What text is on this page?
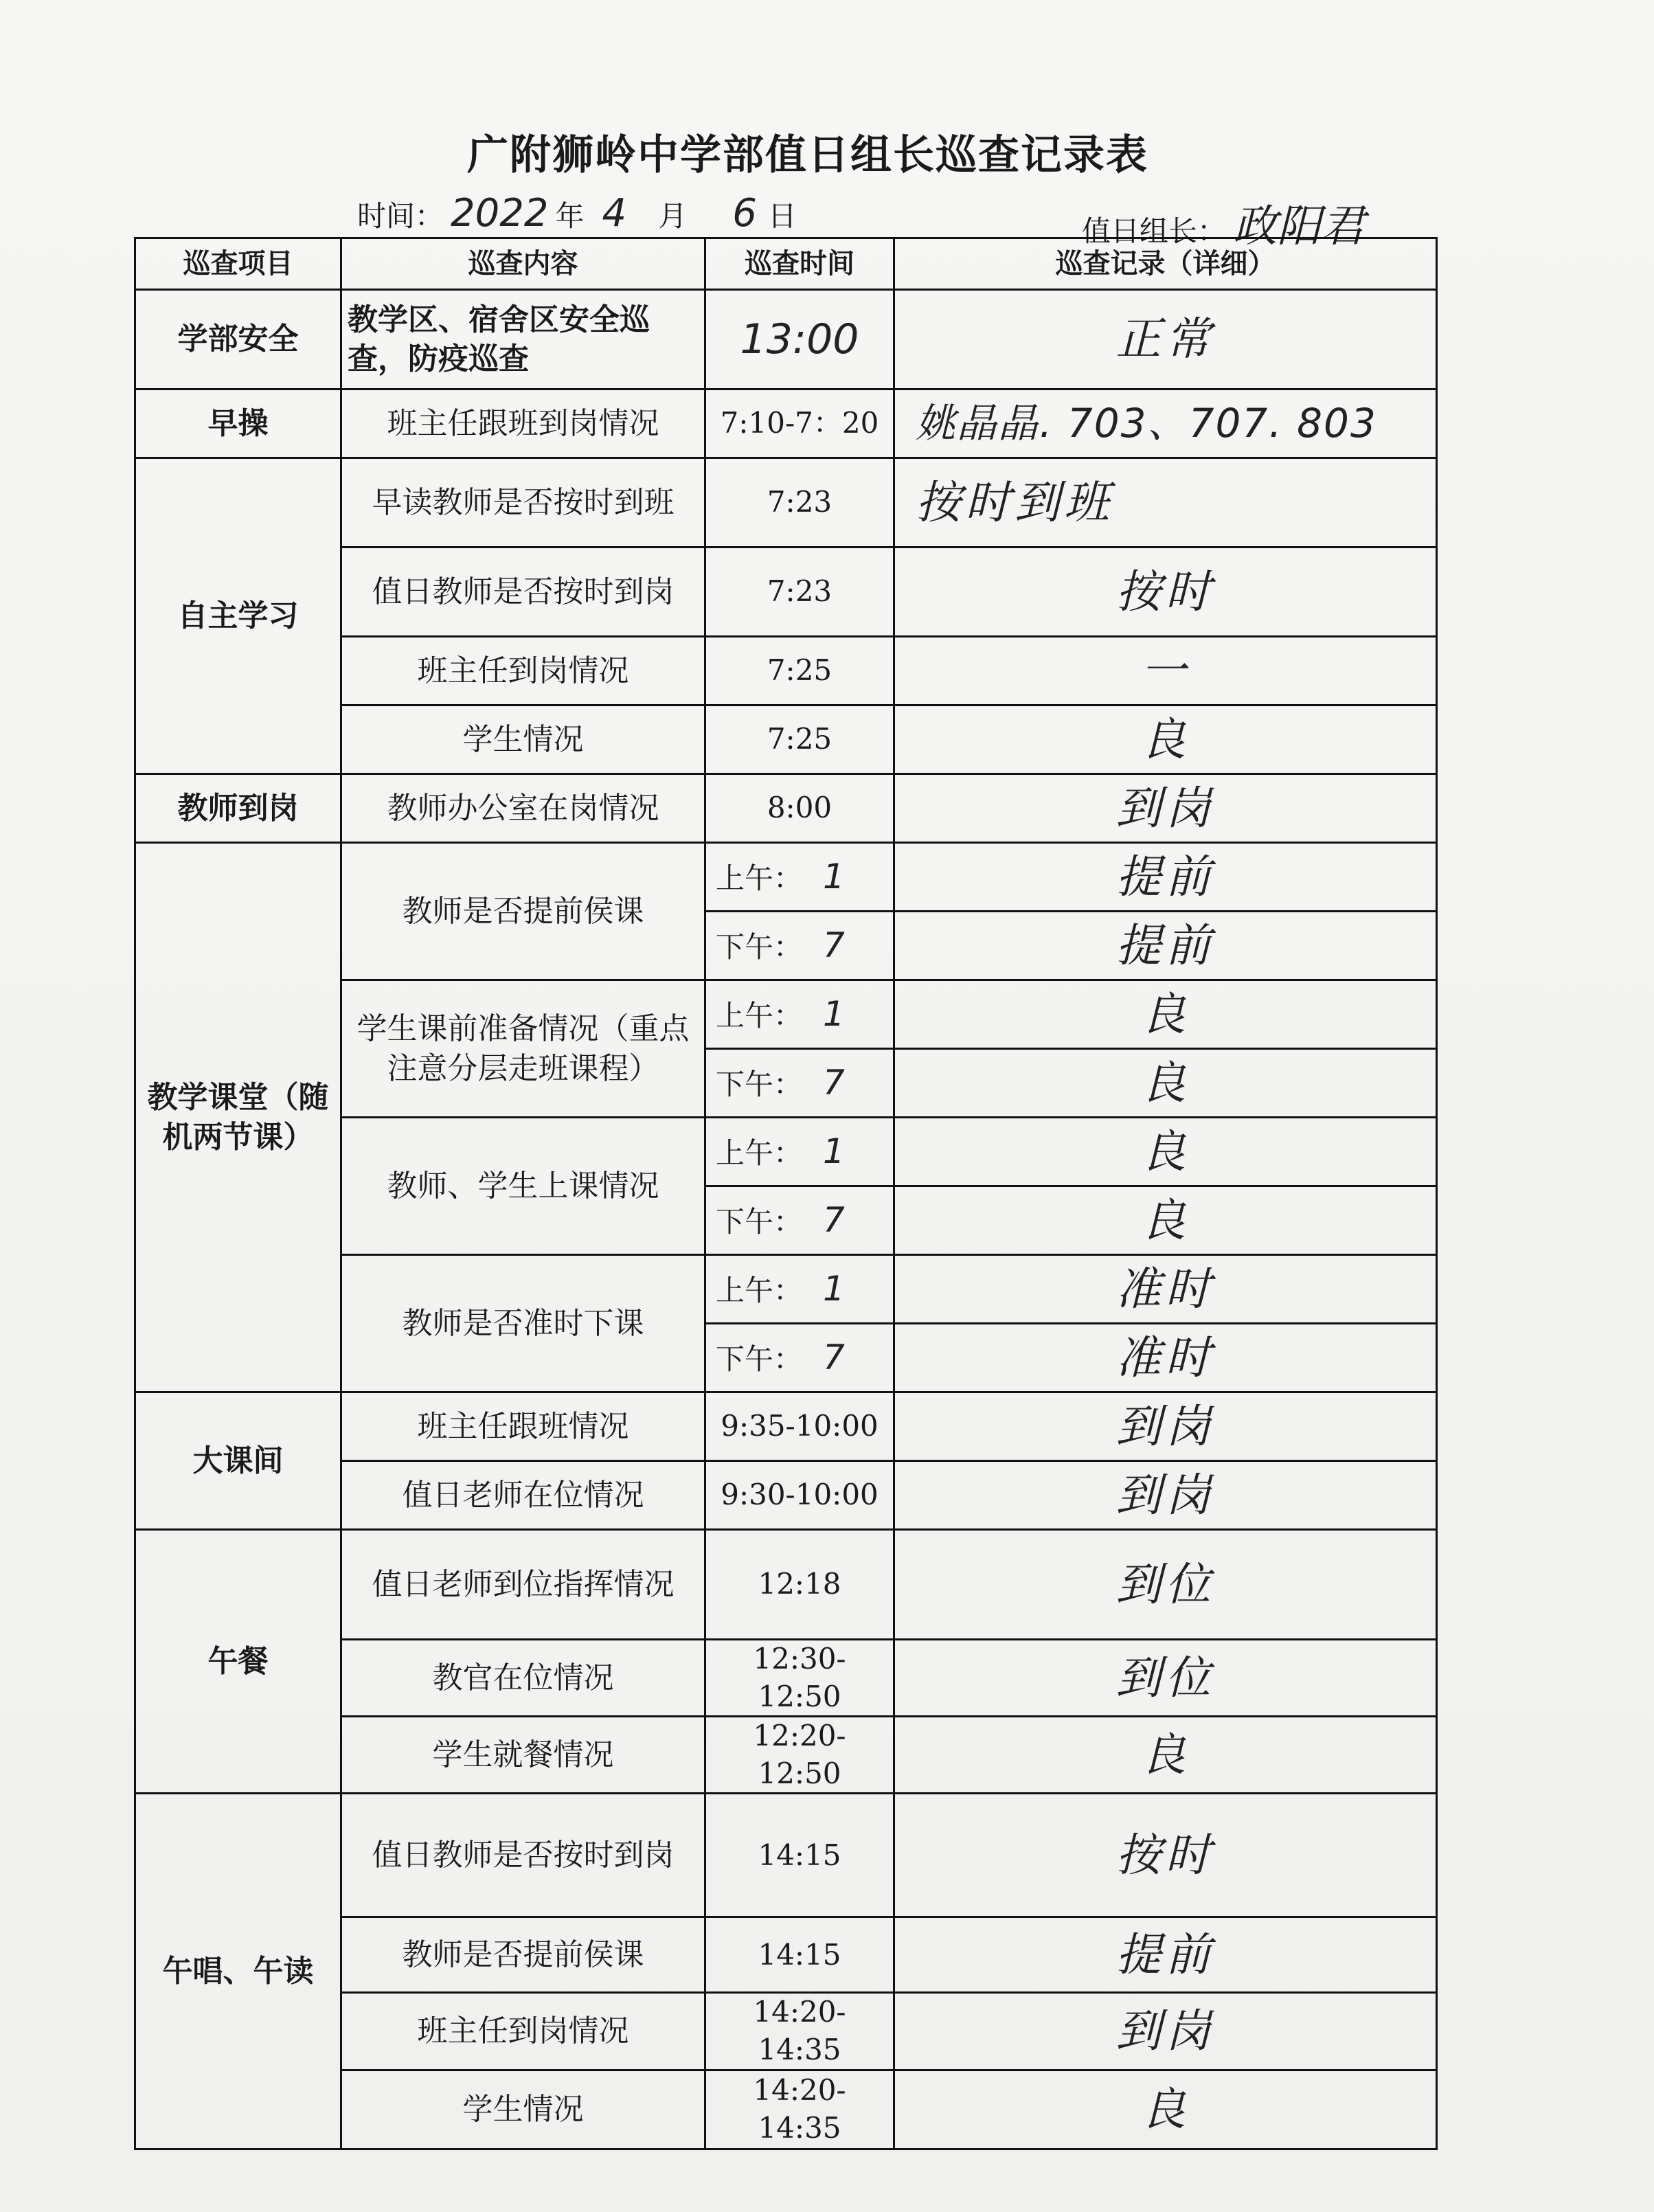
广附狮岭中学部值日组长巡查记录表
时间： 2022 年 4 月 6 日	值日组长： 政阳君
巡查项目	巡查内容	巡查时间	巡查记录（详细）
学部安全	教学区、宿舍区安全巡查，防疫巡查	13:00	正常
早操	班主任跟班到岗情况	7:10-7：20	姚晶晶. 703、707. 803
自主学习	早读教师是否按时到班	7:23	按时到班
	值日教师是否按时到岗	7:23	按时
	班主任到岗情况	7:25	一
	学生情况	7:25	良
教师到岗	教师办公室在岗情况	8:00	到岗
教学课堂（随机两节课）	教师是否提前侯课	上午： 1	提前
		下午： 7	提前
	学生课前准备情况（重点注意分层走班课程）	上午： 1	良
		下午： 7	良
	教师、学生上课情况	上午： 1	良
		下午： 7	良
	教师是否准时下课	上午： 1	准时
		下午： 7	准时
大课间	班主任跟班情况	9:35-10:00	到岗
	值日老师在位情况	9:30-10:00	到岗
午餐	值日老师到位指挥情况	12:18	到位
	教官在位情况	12:30-12:50	到位
	学生就餐情况	12:20-12:50	良
午唱、午读	值日教师是否按时到岗	14:15	按时
	教师是否提前侯课	14:15	提前
	班主任到岗情况	14:20-14:35	到岗
	学生情况	14:20-14:35	良
